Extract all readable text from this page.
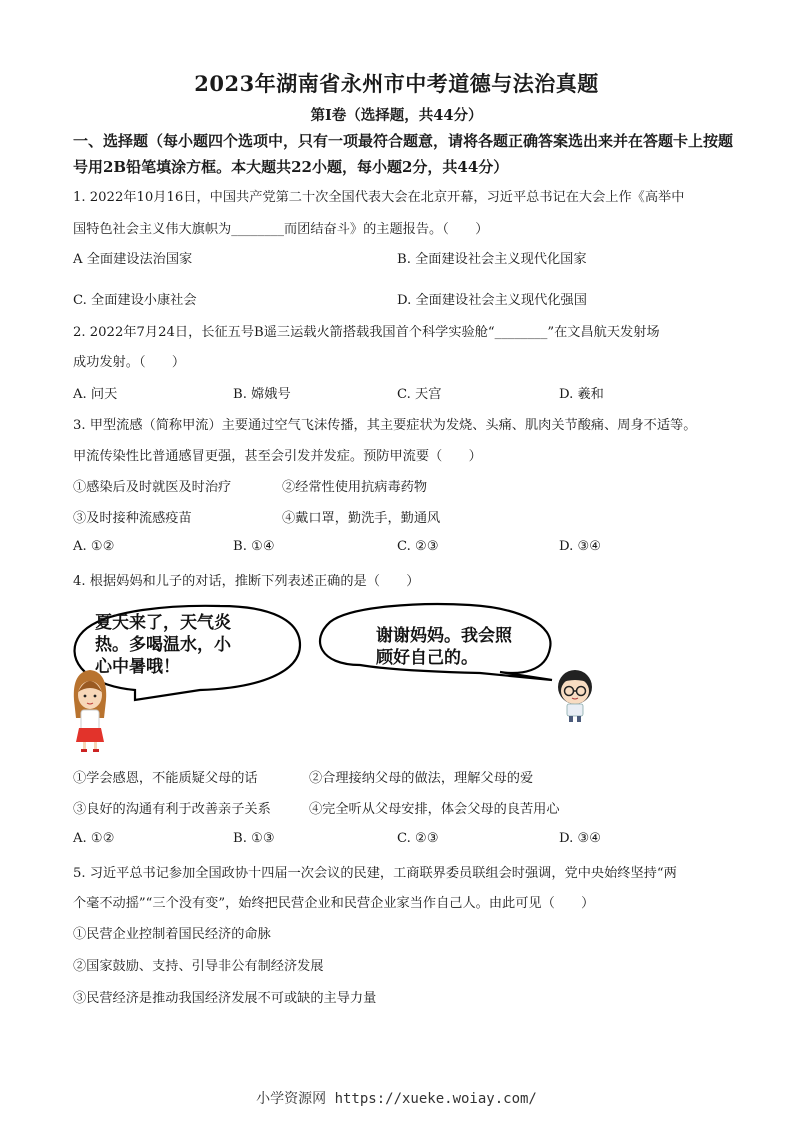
2023年湖南省永州市中考道德与法治真题
第Ⅰ卷（选择题，共44分）
一、选择题（每小题四个选项中，只有一项最符合题意，请将各题正确答案选出来并在答题卡上按题号用2B铅笔填涂方框。本大题共22小题，每小题2分，共44分）
1. 2022年10月16日，中国共产党第二十次全国代表大会在北京开幕，习近平总书记在大会上作《高举中
国特色社会主义伟大旗帜为________而团结奋斗》的主题报告。（　　）
A 全面建设法治国家	B. 全面建设社会主义现代化国家
C. 全面建设小康社会	D. 全面建设社会主义现代化强国
2. 2022年7月24日，长征五号B遥三运载火箭搭载我国首个科学实验舱“________”在文昌航天发射场
成功发射。（　　）
A. 问天	B. 嫦娥号	C. 天宫	D. 羲和
3. 甲型流感（简称甲流）主要通过空气飞沫传播，其主要症状为发烧、头痛、肌肉关节酸痛、周身不适等。
甲流传染性比普通感冒更强，甚至会引发并发症。预防甲流要（　　）
①感染后及时就医及时治疗	②经常性使用抗病毒药物
③及时接种流感疫苗	④戴口罩，勤洗手，勤通风
A. ①②	B. ①④	C. ②③	D. ③④
4. 根据妈妈和儿子的对话，推断下列表述正确的是（　　）
夏天来了，天气炎
热。多喝温水，小
心中暑哦！
谢谢妈妈。我会照
顾好自己的。
①学会感恩，不能质疑父母的话	②合理接纳父母的做法，理解父母的爱
③良好的沟通有利于改善亲子关系	④完全听从父母安排，体会父母的良苦用心
A. ①②	B. ①③	C. ②③	D. ③④
5. 习近平总书记参加全国政协十四届一次会议的民建，工商联界委员联组会时强调，党中央始终坚持“两
个毫不动摇”“三个没有变”，始终把民营企业和民营企业家当作自己人。由此可见（　　）
①民营企业控制着国民经济的命脉
②国家鼓励、支持、引导非公有制经济发展
③民营经济是推动我国经济发展不可或缺的主导力量
小学资源网 https://xueke.woiay.com/
